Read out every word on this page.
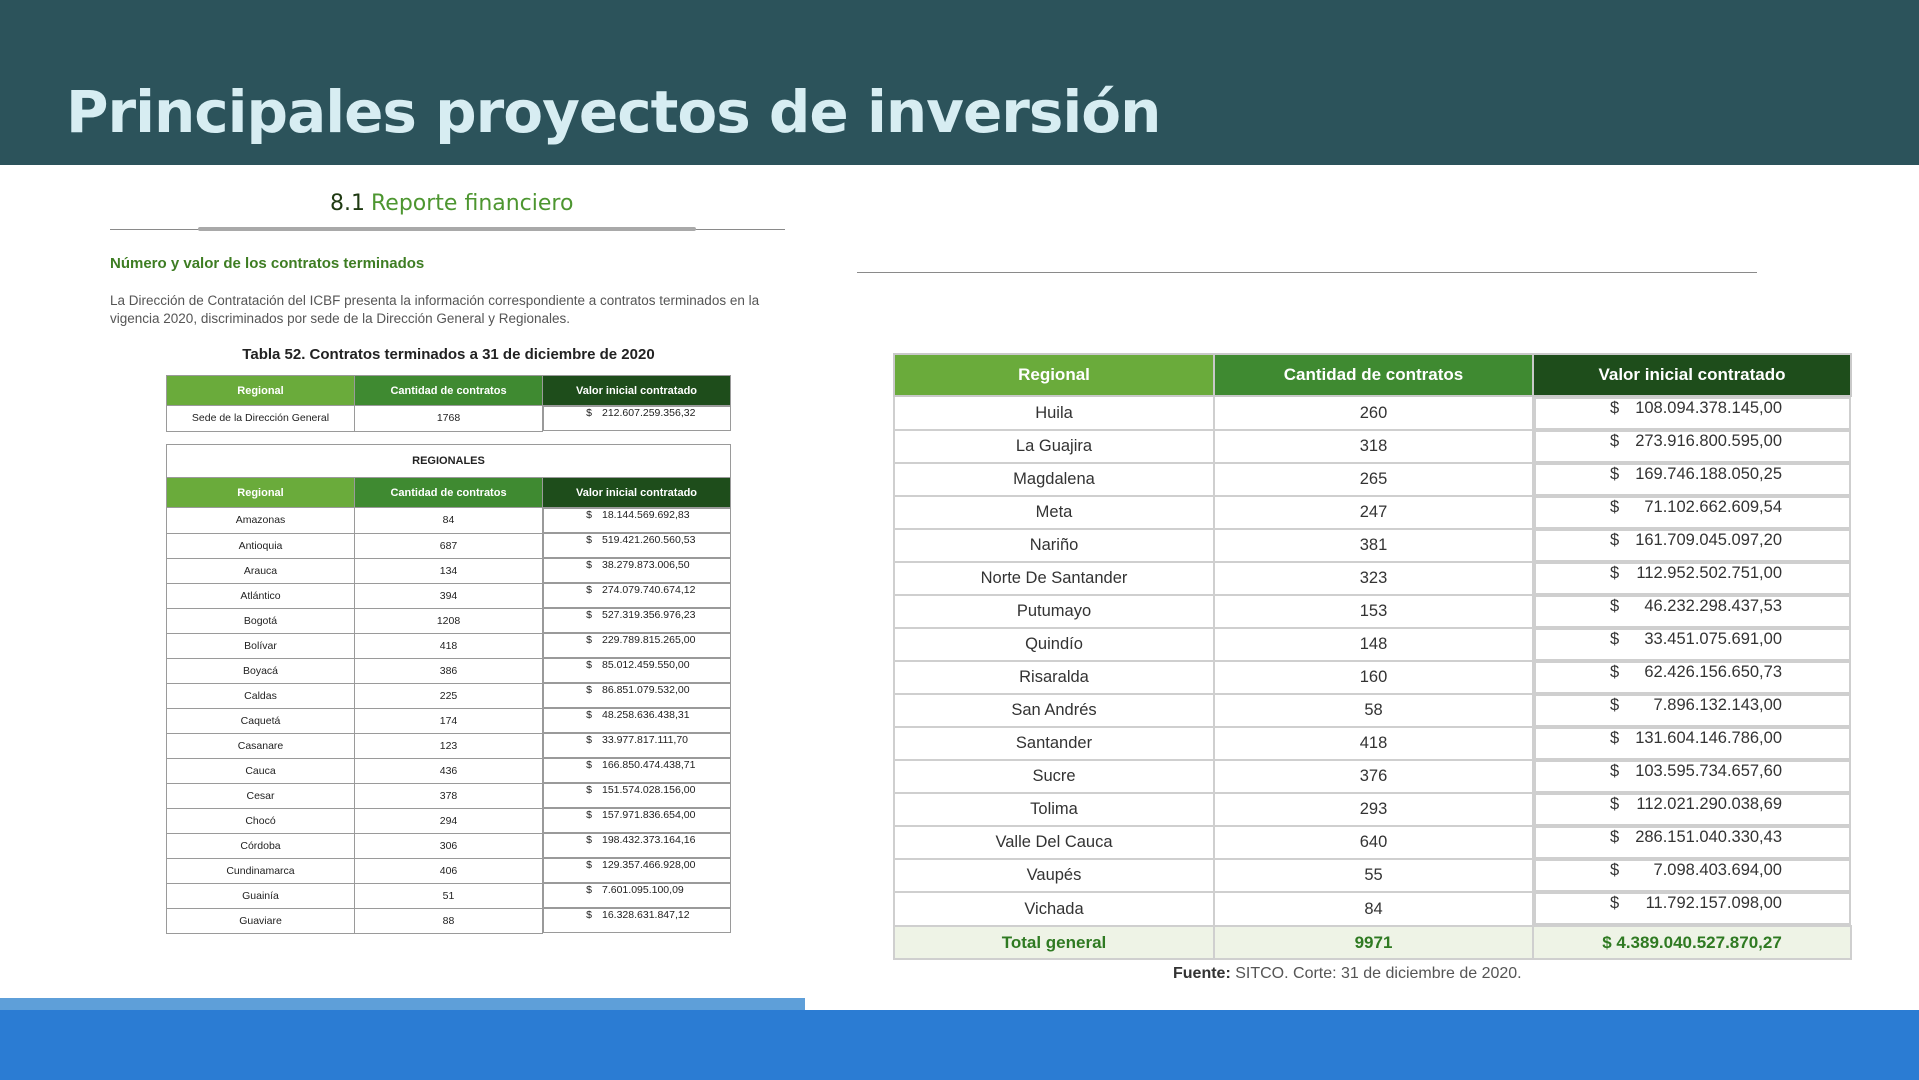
Principales proyectos de inversión
8.1 Reporte financiero
Número y valor de los contratos terminados
La Dirección de Contratación del ICBF presenta la información correspondiente a contratos terminados en la vigencia 2020, discriminados por sede de la Dirección General y Regionales.
Tabla 52. Contratos terminados a 31 de diciembre de 2020
Regional	Cantidad de contratos	Valor inicial contratado
Sede de la Dirección General	1768		$ 212.607.259.356,32
REGIONALES		
Regional	Cantidad de contratos	Valor inicial contratado
Amazonas	84		$ 18.144.569.692,83

Antioquia	687		$ 519.421.260.560,53

Arauca	134		$ 38.279.873.006,50

Atlántico	394		$ 274.079.740.674,12

Bogotá	1208		$ 527.319.356.976,23

Bolívar	418		$ 229.789.815.265,00

Boyacá	386		$ 85.012.459.550,00

Caldas	225		$ 86.851.079.532,00

Caquetá	174		$ 48.258.636.438,31

Casanare	123		$ 33.977.817.111,70

Cauca	436		$ 166.850.474.438,71

Cesar	378		$ 151.574.028.156,00

Chocó	294		$ 157.971.836.654,00

Córdoba	306		$ 198.432.373.164,16

Cundinamarca	406		$ 129.357.466.928,00

Guainía	51		$ 7.601.095.100,09

Guaviare	88		$ 16.328.631.847,12
Regional	Cantidad de contratos	Valor inicial contratado
Huila	260		$ 108.094.378.145,00

La Guajira	318		$ 273.916.800.595,00

Magdalena	265		$ 169.746.188.050,25

Meta	247		$	71.102.662.609,54

Nariño	381		$ 161.709.045.097,20

Norte De Santander	323		$	112.952.502.751,00

Putumayo	153		$	46.232.298.437,53

Quindío	148		$	33.451.075.691,00

Risaralda	160		$	62.426.156.650,73

San Andrés	58		$	7.896.132.143,00

Santander	418		$ 131.604.146.786,00

Sucre	376		$ 103.595.734.657,60

Tolima	293		$	112.021.290.038,69

Valle Del Cauca	640		$ 286.151.040.330,43

Vaupés	55		$	7.098.403.694,00

Vichada	84		$	11.792.157.098,00

Total general	9971	$ 4.389.040.527.870,27
Fuente: SITCO. Corte: 31 de diciembre de 2020.
